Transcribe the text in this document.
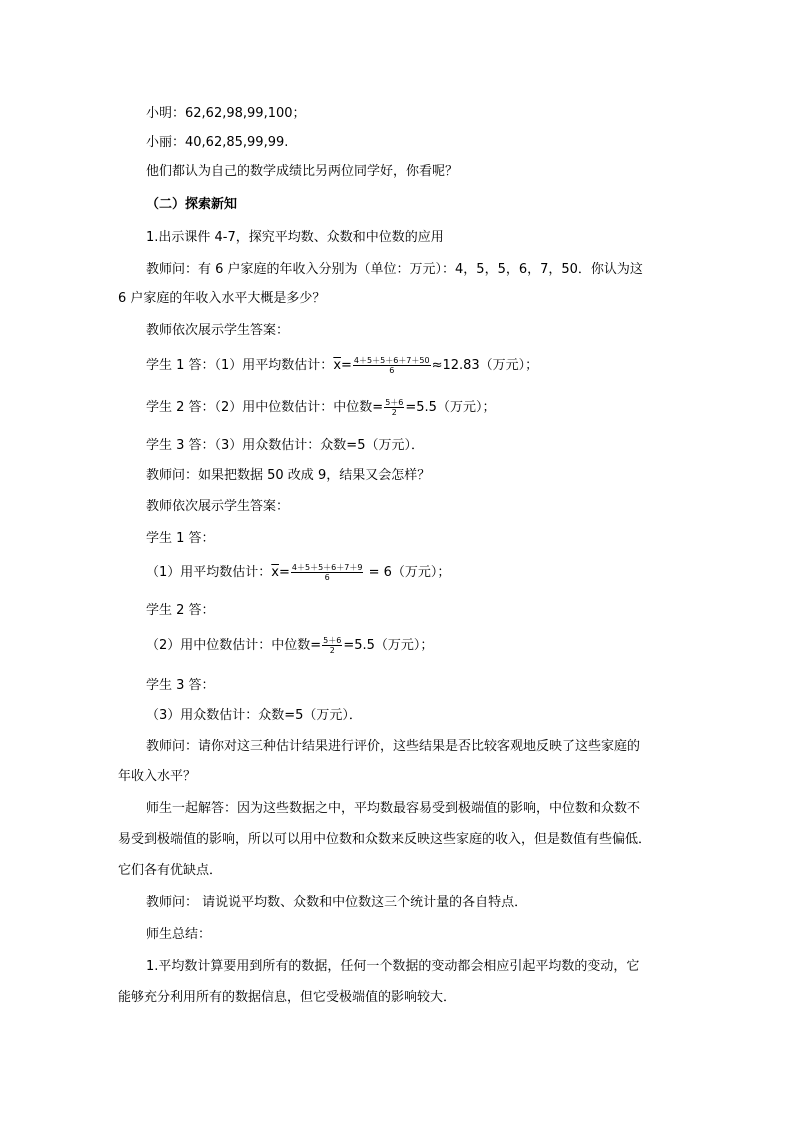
小明：62,62,98,99,100；
小丽：40,62,85,99,99.
他们都认为自己的数学成绩比另两位同学好，你看呢？
（二）探索新知
1.出示课件 4-7，探究平均数、众数和中位数的应用
教师问：有 6 户家庭的年收入分别为（单位：万元）：4，5，5，6，7，50．你认为这
6 户家庭的年收入水平大概是多少？
教师依次展示学生答案：
学生 1 答：（1）用平均数估计：$\overline{x}= \frac{4+5+5+6+7+50}{6} \approx 12.83$（万元）；
学生 2 答：（2）用中位数估计：中位数= $\frac{5+6}{2} =5.5$（万元）；
学生 3 答：（3）用众数估计：众数=5（万元）．
教师问：如果把数据 50 改成 9，结果又会怎样？
教师依次展示学生答案：
学生 1 答：
（1）用平均数估计：$\overline{x}= \frac{4+5+5+6+7+9}{6} = 6$（万元）；
学生 2 答：
（2）用中位数估计：中位数= $\frac{5+6}{2} =5.5$（万元）；
学生 3 答：
（3）用众数估计：众数=5（万元）．
教师问：请你对这三种估计结果进行评价，这些结果是否比较客观地反映了这些家庭的
年收入水平？
师生一起解答：因为这些数据之中，平均数最容易受到极端值的影响，中位数和众数不
易受到极端值的影响，所以可以用中位数和众数来反映这些家庭的收入，但是数值有些偏低．
它们各有优缺点．
教师问： 请说说平均数、众数和中位数这三个统计量的各自特点．
师生总结：
1.平均数计算要用到所有的数据，任何一个数据的变动都会相应引起平均数的变动，它
能够充分利用所有的数据信息，但它受极端值的影响较大．
